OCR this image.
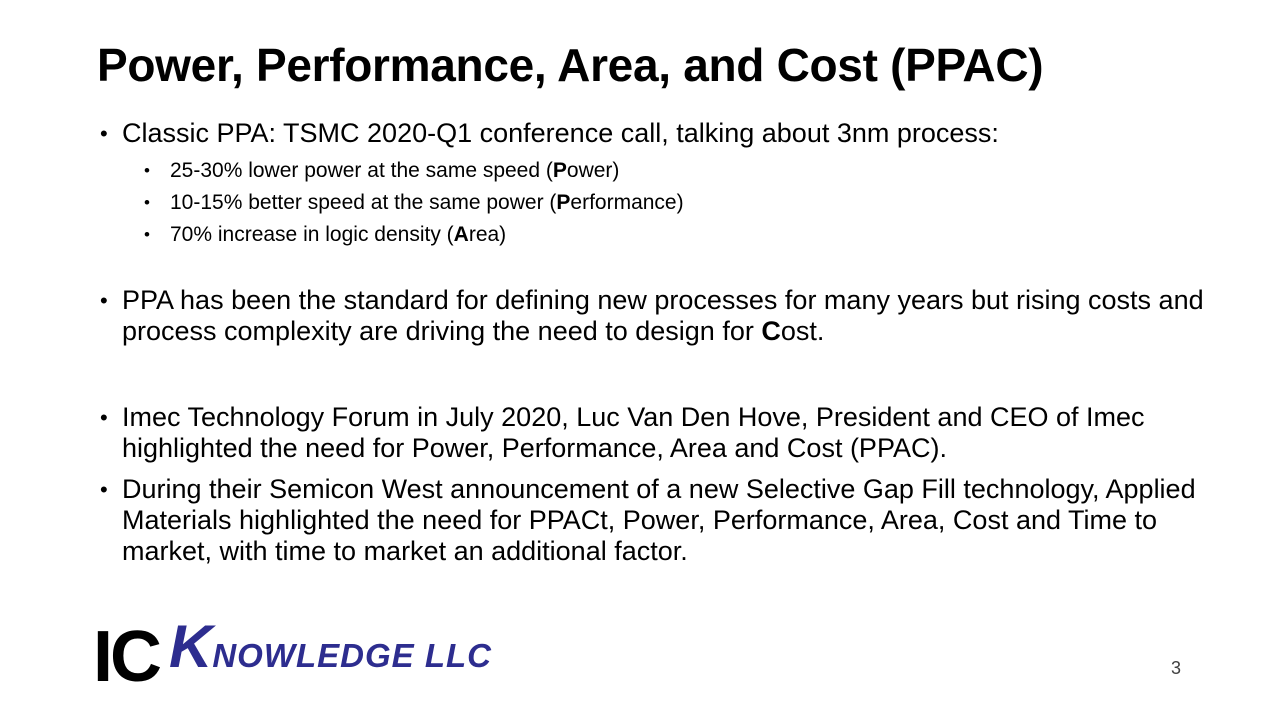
Power, Performance, Area, and Cost (PPAC)
• Classic PPA: TSMC 2020-Q1 conference call, talking about 3nm process:
• 25-30% lower power at the same speed (Power)
• 10-15% better speed at the same power (Performance)
• 70% increase in logic density (Area)
• PPA has been the standard for defining new processes for many years but rising costs and process complexity are driving the need to design for Cost.
• Imec Technology Forum in July 2020, Luc Van Den Hove, President and CEO of Imec highlighted the need for Power, Performance, Area and Cost (PPAC).
• During their Semicon West announcement of a new Selective Gap Fill technology, Applied Materials highlighted the need for PPACt, Power, Performance, Area, Cost and Time to market, with time to market an additional factor.
IC KNOWLEDGE LLC	3
